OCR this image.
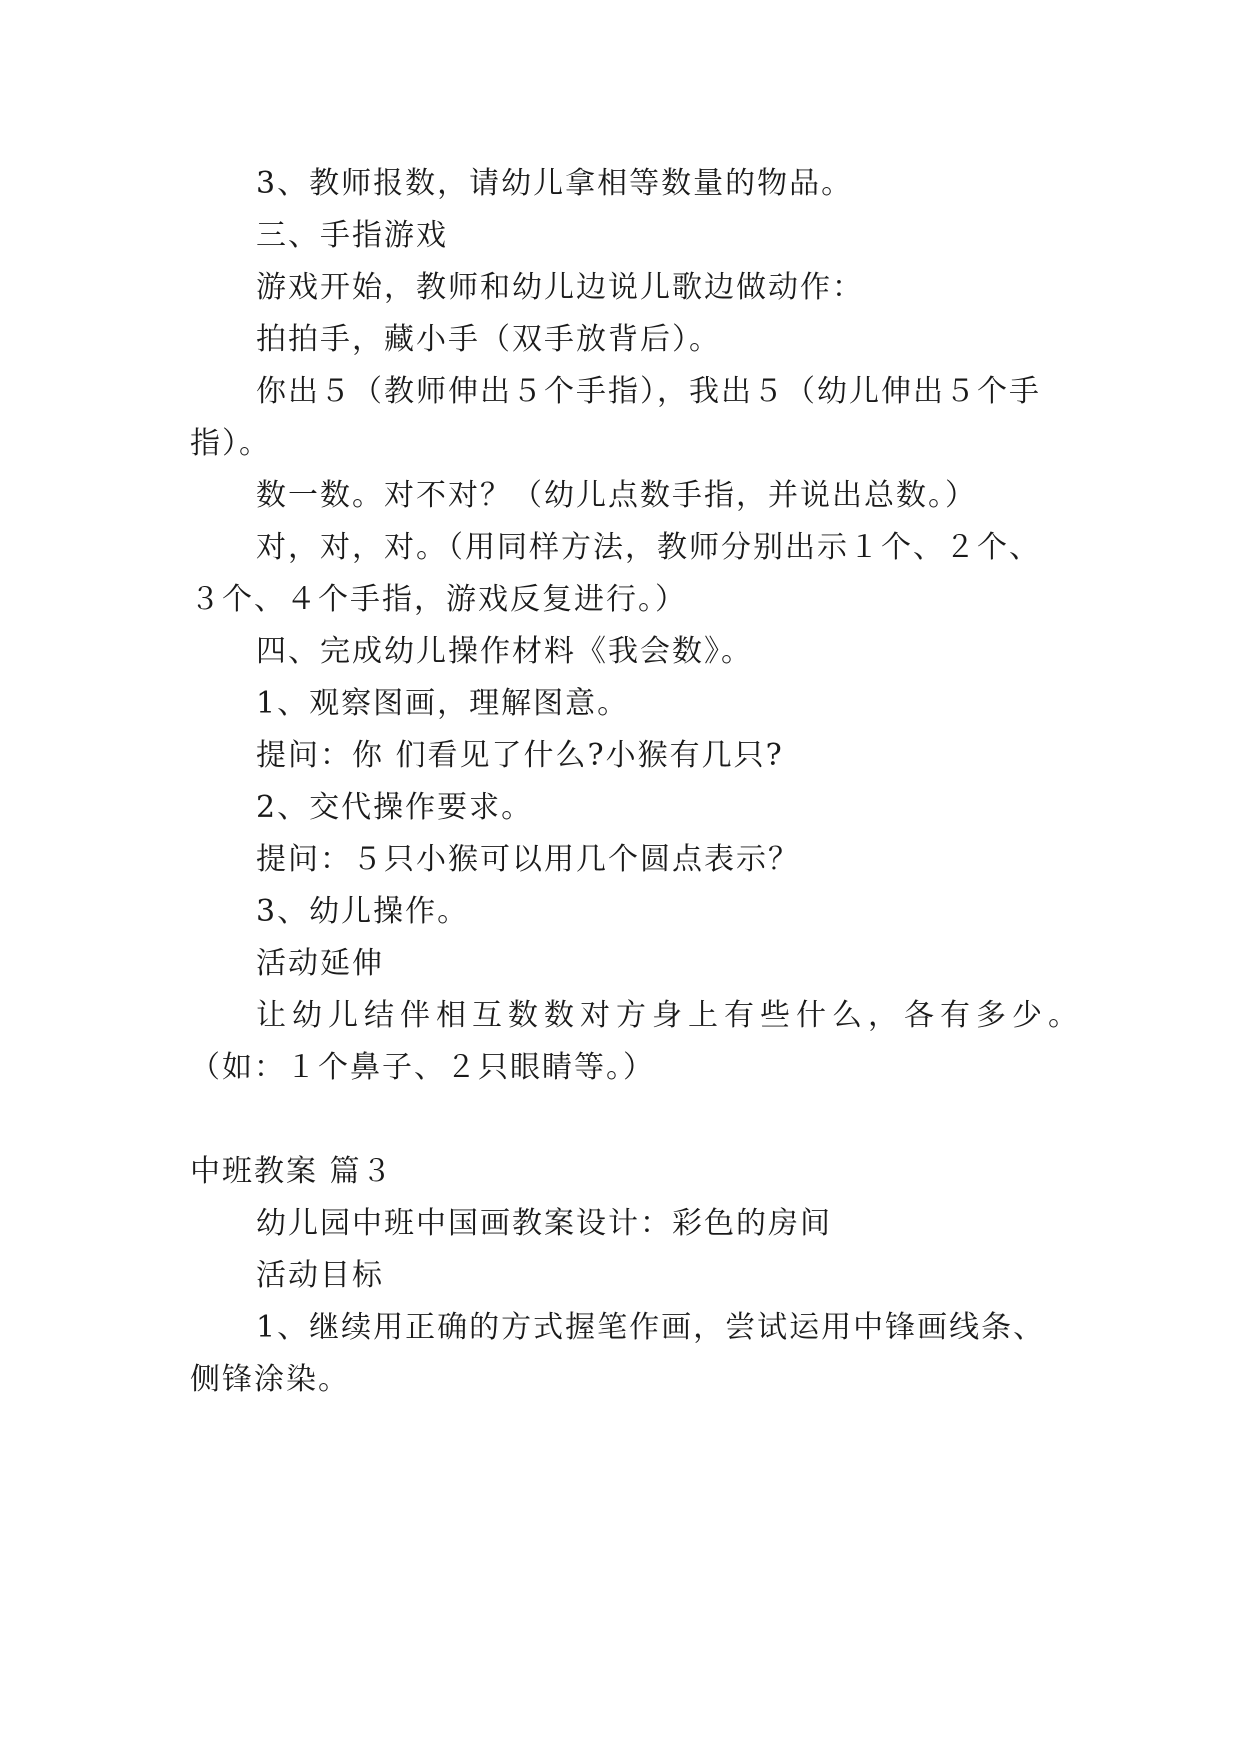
3、教师报数，请幼儿拿相等数量的物品。
三、手指游戏
游戏开始，教师和幼儿边说儿歌边做动作：
拍拍手，藏小手（双手放背后）。
你出５（教师伸出５个手指），我出５（幼儿伸出５个手
指）。
数一数。对不对？（幼儿点数手指，并说出总数。）
对，对，对。（用同样方法，教师分别出示１个、２个、
３个、４个手指，游戏反复进行。）
四、完成幼儿操作材料《我会数》。
1、观察图画，理解图意。
提问：你 们看见了什么?小猴有几只?
2、交代操作要求。
提问：５只小猴可以用几个圆点表示？
3、幼儿操作。
活动延伸
让幼儿结伴相互数数对方身上有些什么，各有多少。
（如：１个鼻子、２只眼睛等。）
中班教案 篇３
幼儿园中班中国画教案设计：彩色的房间
活动目标
1、继续用正确的方式握笔作画，尝试运用中锋画线条、
侧锋涂染。
